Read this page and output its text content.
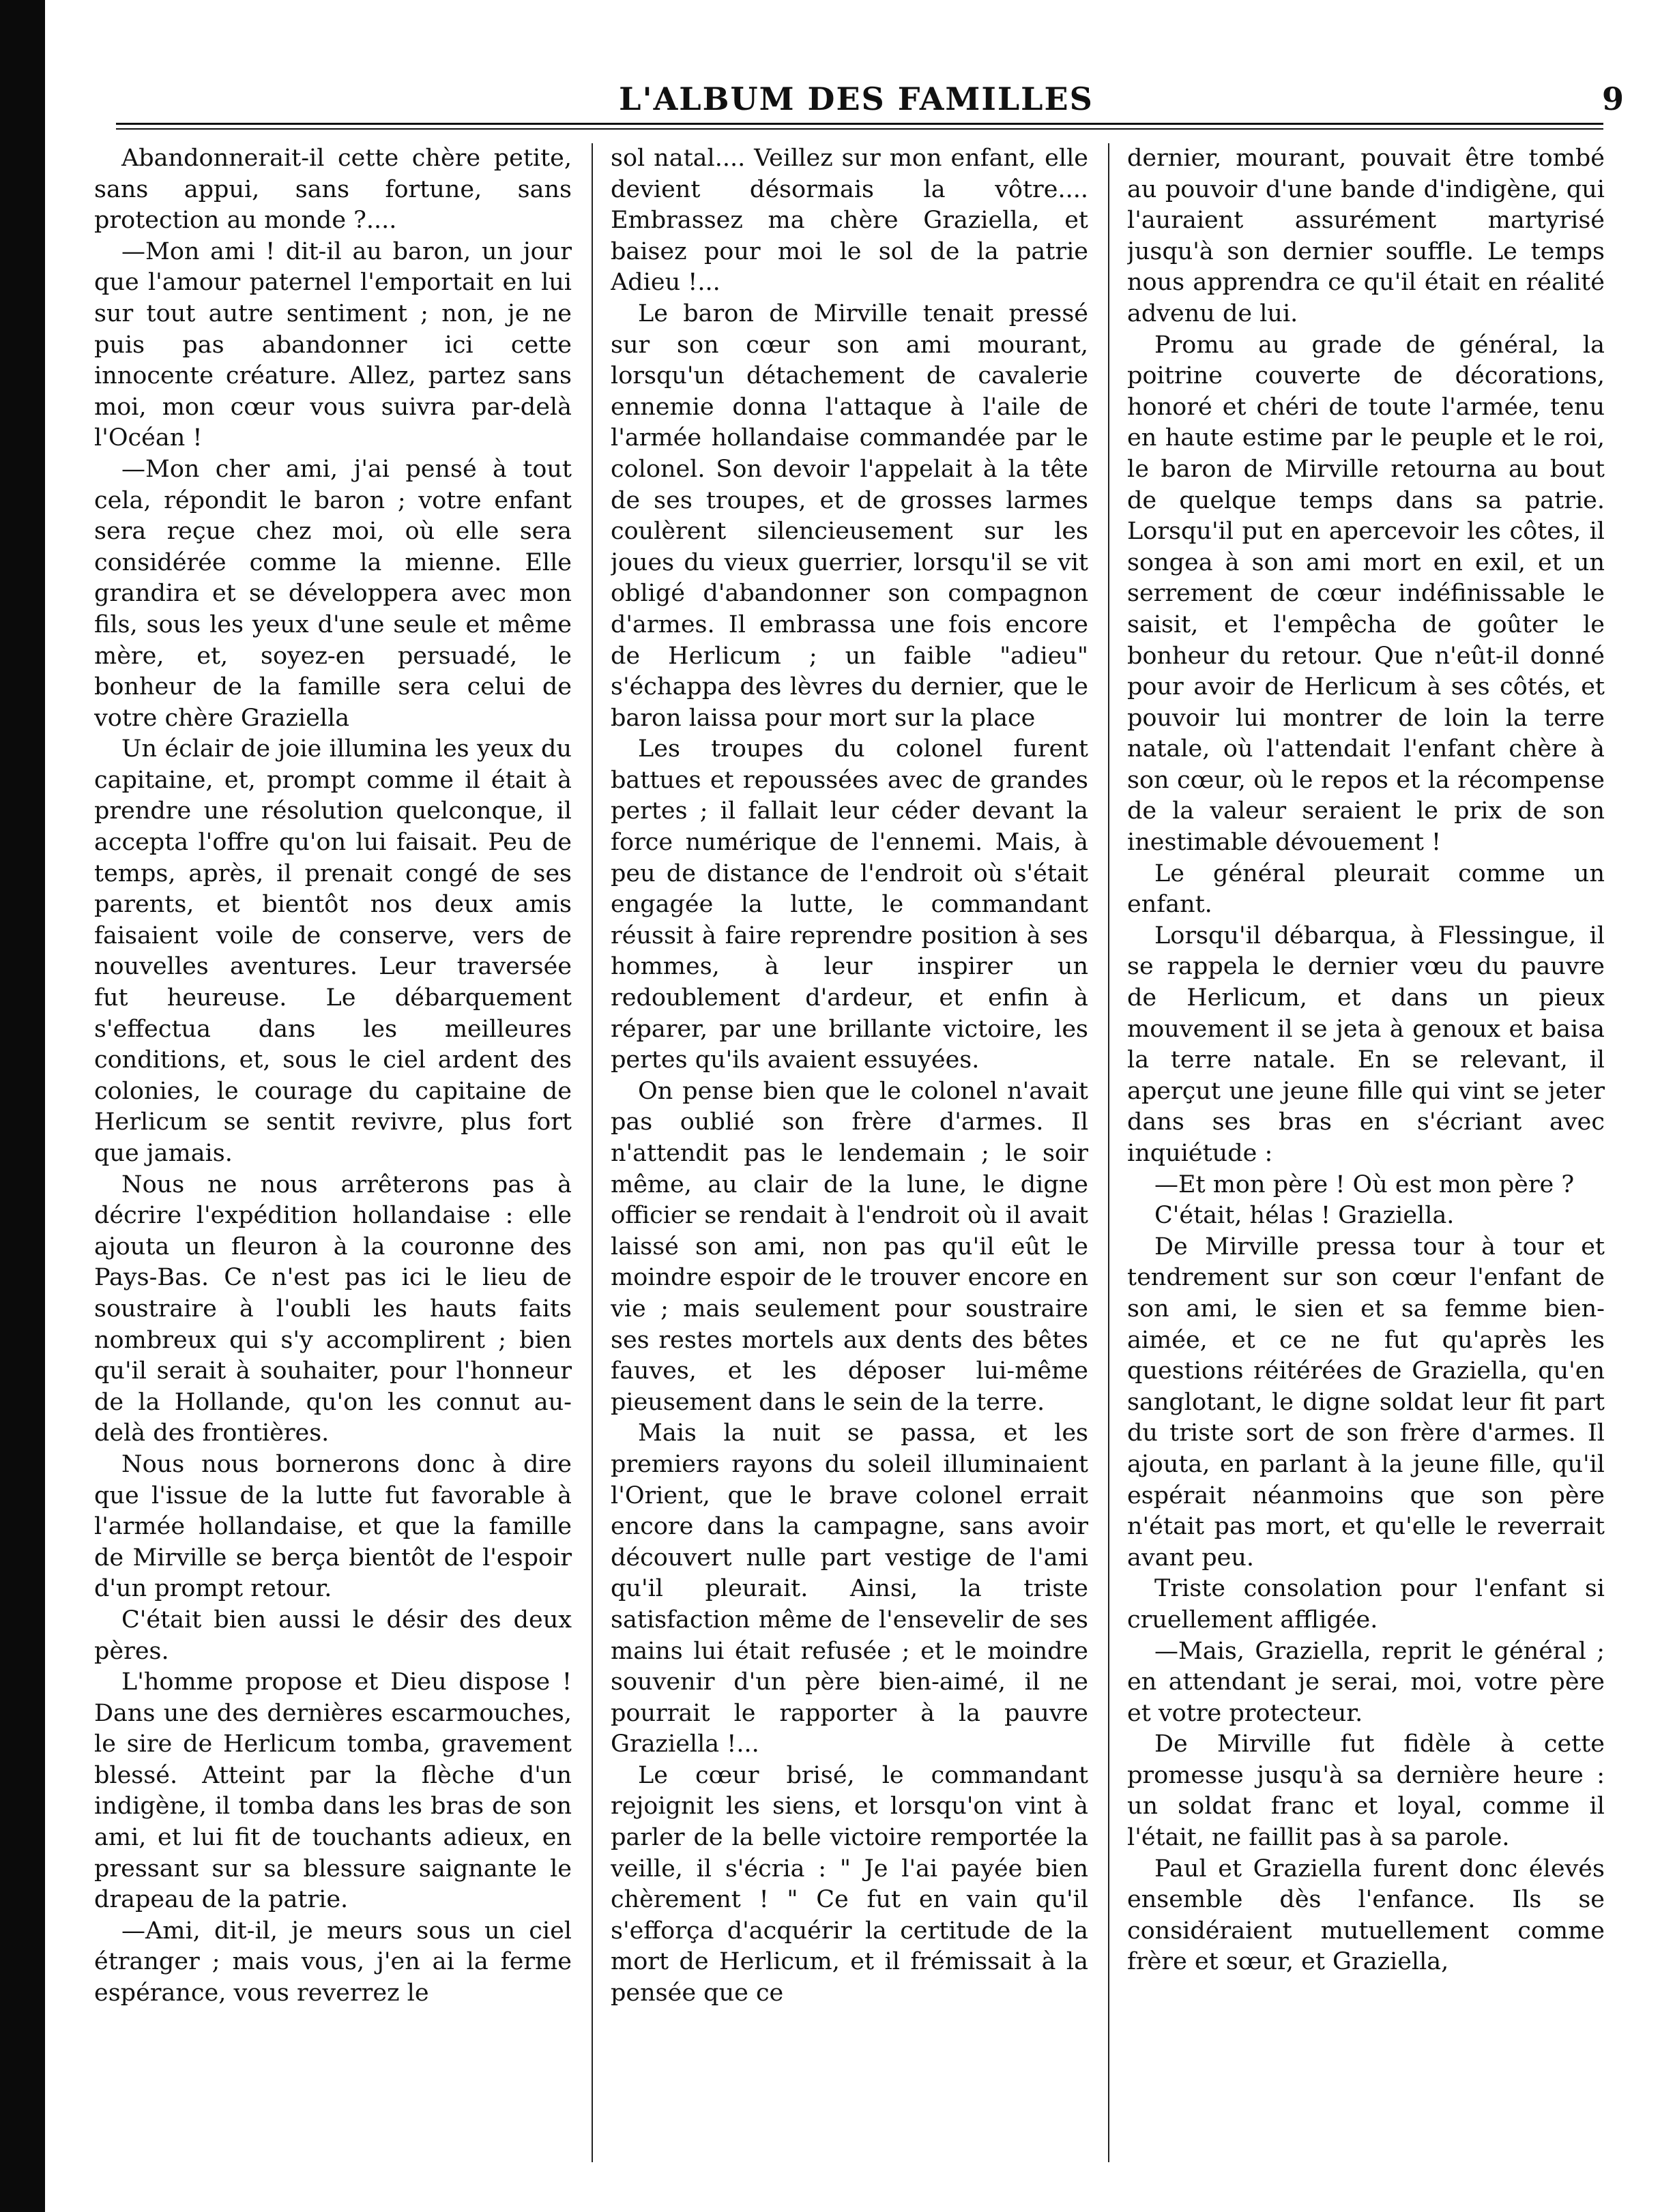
L'ALBUM DES FAMILLES	9

Abandonnerait-il cette chère petite, sans appui, sans fortune, sans protection au monde ?....

—Mon ami ! dit-il au baron, un jour que l'amour paternel l'emportait en lui sur tout autre sentiment ; non, je ne puis pas abandonner ici cette innocente créature. Allez, partez sans moi, mon cœur vous suivra par-delà l'Océan !

—Mon cher ami, j'ai pensé à tout cela, répondit le baron ; votre enfant sera reçue chez moi, où elle sera considérée comme la mienne. Elle grandira et se développera avec mon fils, sous les yeux d'une seule et même mère, et, soyez-en persuadé, le bonheur de la famille sera celui de votre chère Graziella

Un éclair de joie illumina les yeux du capitaine, et, prompt comme il était à prendre une résolution quelconque, il accepta l'offre qu'on lui faisait. Peu de temps, après, il prenait congé de ses parents, et bientôt nos deux amis faisaient voile de conserve, vers de nouvelles aventures. Leur traversée fut heureuse. Le débarquement s'effectua dans les meilleures conditions, et, sous le ciel ardent des colonies, le courage du capitaine de Herlicum se sentit revivre, plus fort que jamais.

Nous ne nous arrêterons pas à décrire l'expédition hollandaise : elle ajouta un fleuron à la couronne des Pays-Bas. Ce n'est pas ici le lieu de soustraire à l'oubli les hauts faits nombreux qui s'y accomplirent ; bien qu'il serait à souhaiter, pour l'honneur de la Hollande, qu'on les connut au-delà des frontières.

Nous nous bornerons donc à dire que l'issue de la lutte fut favorable à l'armée hollandaise, et que la famille de Mirville se berça bientôt de l'espoir d'un prompt retour.

C'était bien aussi le désir des deux pères.

L'homme propose et Dieu dispose ! Dans une des dernières escarmouches, le sire de Herlicum tomba, gravement blessé. Atteint par la flèche d'un indigène, il tomba dans les bras de son ami, et lui fit de touchants adieux, en pressant sur sa blessure saignante le drapeau de la patrie.

—Ami, dit-il, je meurs sous un ciel étranger ; mais vous, j'en ai la ferme espérance, vous reverrez le

sol natal.... Veillez sur mon enfant, elle devient désormais la vôtre.... Embrassez ma chère Graziella, et baisez pour moi le sol de la patrie Adieu !...

Le baron de Mirville tenait pressé sur son cœur son ami mourant, lorsqu'un détachement de cavalerie ennemie donna l'attaque à l'aile de l'armée hollandaise commandée par le colonel. Son devoir l'appelait à la tête de ses troupes, et de grosses larmes coulèrent silencieusement sur les joues du vieux guerrier, lorsqu'il se vit obligé d'abandonner son compagnon d'armes. Il embrassa une fois encore de Herlicum ; un faible "adieu" s'échappa des lèvres du dernier, que le baron laissa pour mort sur la place

Les troupes du colonel furent battues et repoussées avec de grandes pertes ; il fallait leur céder devant la force numérique de l'ennemi. Mais, à peu de distance de l'endroit où s'était engagée la lutte, le commandant réussit à faire reprendre position à ses hommes, à leur inspirer un redoublement d'ardeur, et enfin à réparer, par une brillante victoire, les pertes qu'ils avaient essuyées.

On pense bien que le colonel n'avait pas oublié son frère d'armes. Il n'attendit pas le lendemain ; le soir même, au clair de la lune, le digne officier se rendait à l'endroit où il avait laissé son ami, non pas qu'il eût le moindre espoir de le trouver encore en vie ; mais seulement pour soustraire ses restes mortels aux dents des bêtes fauves, et les déposer lui-même pieusement dans le sein de la terre.

Mais la nuit se passa, et les premiers rayons du soleil illuminaient l'Orient, que le brave colonel errait encore dans la campagne, sans avoir découvert nulle part vestige de l'ami qu'il pleurait. Ainsi, la triste satisfaction même de l'ensevelir de ses mains lui était refusée ; et le moindre souvenir d'un père bien-aimé, il ne pourrait le rapporter à la pauvre Graziella !...

Le cœur brisé, le commandant rejoignit les siens, et lorsqu'on vint à parler de la belle victoire remportée la veille, il s'écria : " Je l'ai payée bien chèrement ! " Ce fut en vain qu'il s'efforça d'acquérir la certitude de la mort de Herlicum, et il frémissait à la pensée que ce

dernier, mourant, pouvait être tombé au pouvoir d'une bande d'indigène, qui l'auraient assurément martyrisé jusqu'à son dernier souffle. Le temps nous apprendra ce qu'il était en réalité advenu de lui.

Promu au grade de général, la poitrine couverte de décorations, honoré et chéri de toute l'armée, tenu en haute estime par le peuple et le roi, le baron de Mirville retourna au bout de quelque temps dans sa patrie. Lorsqu'il put en apercevoir les côtes, il songea à son ami mort en exil, et un serrement de cœur indéfinissable le saisit, et l'empêcha de goûter le bonheur du retour. Que n'eût-il donné pour avoir de Herlicum à ses côtés, et pouvoir lui montrer de loin la terre natale, où l'attendait l'enfant chère à son cœur, où le repos et la récompense de la valeur seraient le prix de son inestimable dévouement !

Le général pleurait comme un enfant.

Lorsqu'il débarqua, à Flessingue, il se rappela le dernier vœu du pauvre de Herlicum, et dans un pieux mouvement il se jeta à genoux et baisa la terre natale. En se relevant, il aperçut une jeune fille qui vint se jeter dans ses bras en s'écriant avec inquiétude :

—Et mon père ! Où est mon père ?

C'était, hélas ! Graziella.

De Mirville pressa tour à tour et tendrement sur son cœur l'enfant de son ami, le sien et sa femme bien-aimée, et ce ne fut qu'après les questions réitérées de Graziella, qu'en sanglotant, le digne soldat leur fit part du triste sort de son frère d'armes. Il ajouta, en parlant à la jeune fille, qu'il espérait néanmoins que son père n'était pas mort, et qu'elle le reverrait avant peu.

Triste consolation pour l'enfant si cruellement affligée.

—Mais, Graziella, reprit le général ; en attendant je serai, moi, votre père et votre protecteur.

De Mirville fut fidèle à cette promesse jusqu'à sa dernière heure : un soldat franc et loyal, comme il l'était, ne faillit pas à sa parole.

Paul et Graziella furent donc élevés ensemble dès l'enfance. Ils se considéraient mutuellement comme frère et sœur, et Graziella,
